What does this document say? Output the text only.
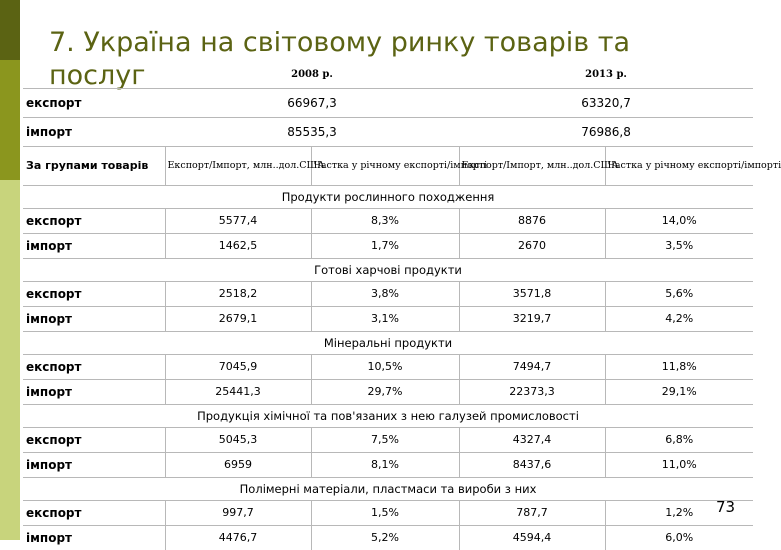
7. Україна на світовому ринку товарів та
послуг
		2008 р.		2013 р.	
експорт	66967,3		63320,7	
імпорт	85535,3		76986,8	
За групами товарів	Експорт/Імпорт, млн..дол.США	Частка у річному експорті/імпорті	Експорт/Імпорт, млн..дол.США	Частка у річному експорті/імпорті
Продукти рослинного походження				
експорт	5577,4	8,3%	8876	14,0%
імпорт	1462,5	1,7%	2670	3,5%
Готові харчові продукти				
експорт	2518,2	3,8%	3571,8	5,6%
імпорт	2679,1	3,1%	3219,7	4,2%
Мінеральні продукти				
експорт	7045,9	10,5%	7494,7	11,8%
імпорт	25441,3	29,7%	22373,3	29,1%
Продукція хімічної та пов'язаних з нею галузей промисловості				
експорт	5045,3	7,5%	4327,4	6,8%
імпорт	6959	8,1%	8437,6	11,0%
Полімерні матеріали, пластмаси та вироби з них				
експорт	997,7	1,5%	787,7	1,2%
імпорт	4476,7	5,2%	4594,4	6,0%
73
